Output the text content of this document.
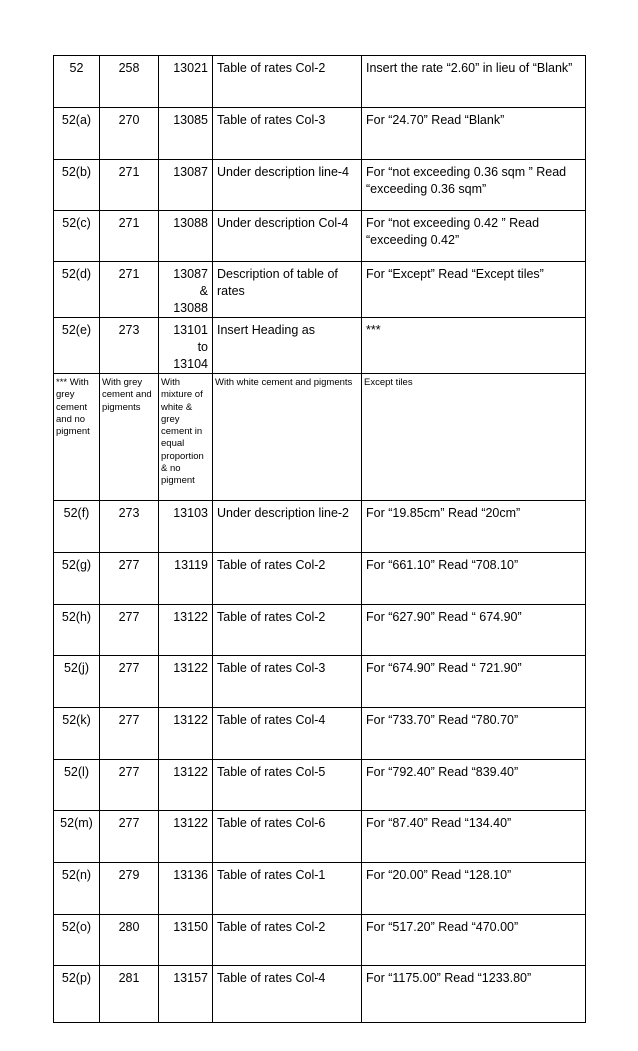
52	258	13021	Table of rates Col-2	Insert the rate “2.60” in lieu of “Blank”
52(a)	270	13085	Table of rates Col-3	For “24.70” Read “Blank”
52(b)	271	13087	Under description line-4	For “not exceeding 0.36 sqm ” Read “exceeding 0.36 sqm”
52(c)	271	13088	Under description Col-4	For “not exceeding 0.42 ” Read “exceeding 0.42”
52(d)	271	13087 & 13088	Description of table of rates	For “Except” Read “Except tiles”
52(e)	273	13101 to 13104	Insert Heading as	***
*** With grey cement and no pigment	With grey cement and pigments	With mixture of white & grey cement in equal proportion & no pigment	With white cement and pigments	Except tiles
52(f)	273	13103	Under description line-2	For “19.85cm” Read “20cm”
52(g)	277	13119	Table of rates Col-2	For “661.10” Read “708.10”
52(h)	277	13122	Table of rates Col-2	For “627.90” Read “ 674.90”
52(j)	277	13122	Table of rates Col-3	For “674.90” Read “ 721.90”
52(k)	277	13122	Table of rates Col-4	For “733.70” Read “780.70”
52(l)	277	13122	Table of rates Col-5	For “792.40” Read “839.40”
52(m)	277	13122	Table of rates Col-6	For “87.40” Read “134.40”
52(n)	279	13136	Table of rates Col-1	For “20.00” Read “128.10”
52(o)	280	13150	Table of rates Col-2	For “517.20” Read “470.00”
52(p)	281	13157	Table of rates Col-4	For “1175.00” Read “1233.80”
